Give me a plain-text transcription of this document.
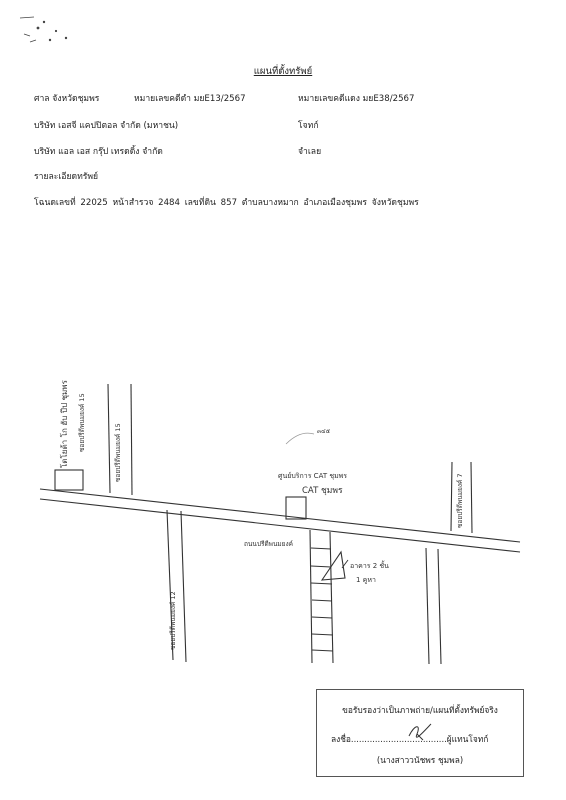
แผนที่ตั้งทรัพย์
ศาล จังหวัดชุมพร	หมายเลขคดีดำ มยE13/2567	หมายเลขคดีแดง มยE38/2567
บริษัท เอสจี แคปปิตอล จำกัด (มหาชน)	โจทก์
บริษัท แอล เอส กรุ๊ป เทรดดิ้ง จำกัด	จำเลย
รายละเอียดทรัพย์
โฉนดเลขที่ 22025 หน้าสำรวจ 2484 เลขที่ดิน 857 ตำบลบางหมาก อำเภอเมืองชุมพร จังหวัดชุมพร
๓๔๕
โตโยต้า โก ฮับ ปีป ชุมพร ซอยปรีดีพนมยงค์ 15
ซอยปรีดีพนมยงค์ 15
ซอยปรีดีพนมยงค์ 12
ซอยปรีดีพนมยงค์ 7
ศูนย์บริการ CAT ชุมพร
CAT ชุมพร
ถนนปรีดีพนมยงค์
อาคาร 2 ชั้น
1 คูหา
ขอรับรองว่าเป็นภาพถ่าย/แผนที่ตั้งทรัพย์จริง
ลงชื่อ....................................ผู้แทนโจทก์
(นางสาววนัชพร ชุมพล)
